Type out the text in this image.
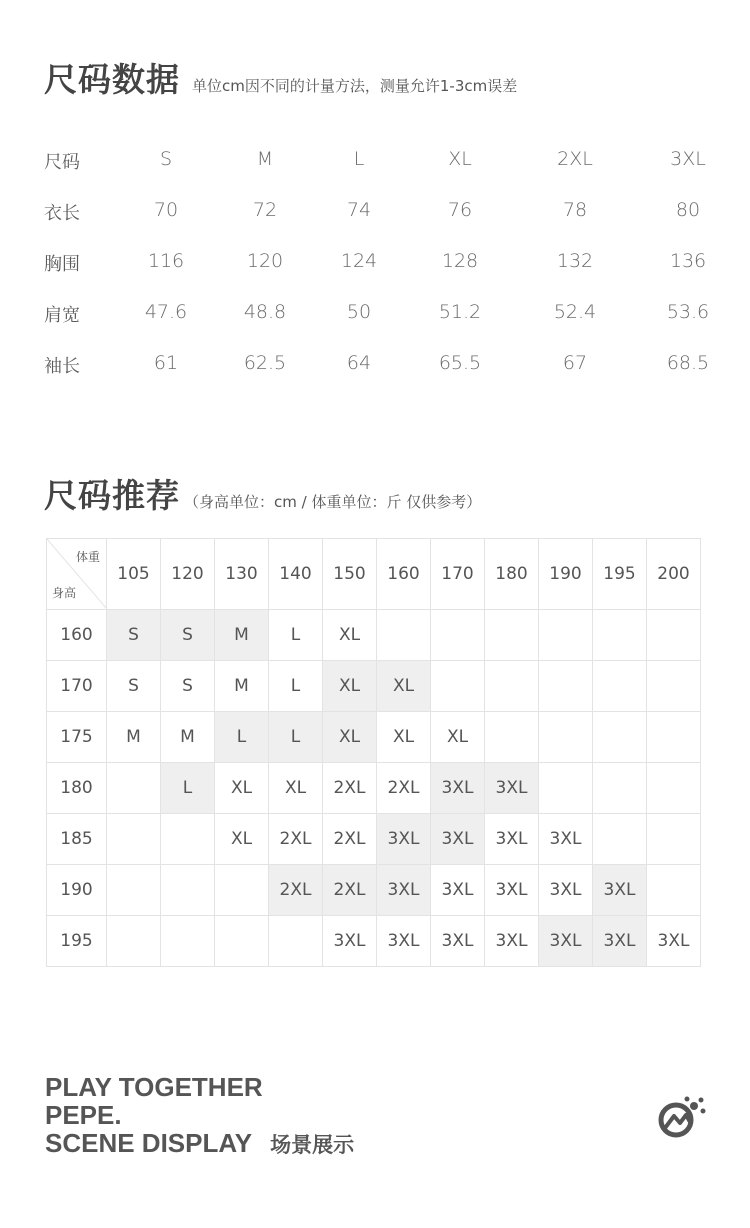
尺码数据 单位cm因不同的计量方法，测量允许1-3cm误差
尺码	S	M	L	XL	2XL	3XL
衣长	70	72	74	76	78	80
胸围	116	120	124	128	132	136
肩宽	47.6	48.8	50	51.2	52.4	53.6
袖长	61	62.5	64	65.5	67	68.5
尺码推荐 （身高单位：cm / 体重单位：斤 仅供参考）
体重
身高	105	120	130	140	150	160	170	180	190	195	200
160	S	S	M	L	XL						
170	S	S	M	L	XL	XL					
175	M	M	L	L	XL	XL	XL				
180		L	XL	XL	2XL	2XL	3XL	3XL			
185			XL	2XL	2XL	3XL	3XL	3XL	3XL		
190				2XL	2XL	3XL	3XL	3XL	3XL	3XL	
195					3XL	3XL	3XL	3XL	3XL	3XL	3XL
PLAY TOGETHER
PEPE.
SCENE DISPLAY 场景展示
